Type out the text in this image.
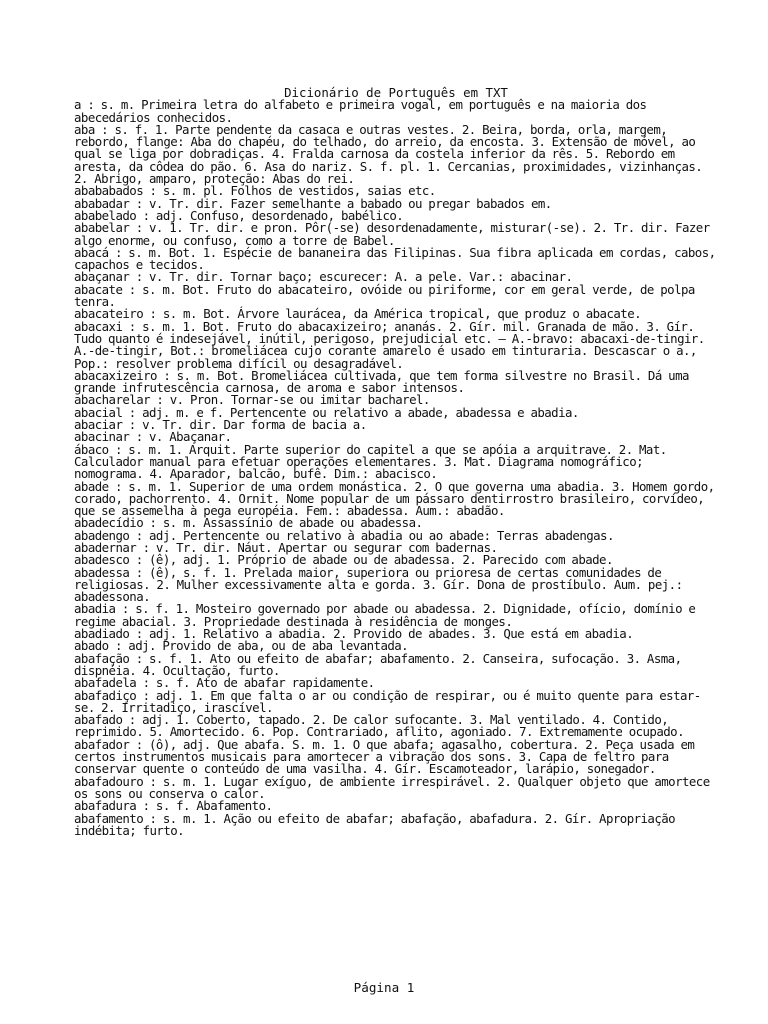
Dicionário de Português em TXT

a : s. m. Primeira letra do alfabeto e primeira vogal, em português e na maioria dos abecedários conhecidos.
aba : s. f. 1. Parte pendente da casaca e outras vestes. 2. Beira, borda, orla, margem, rebordo, flange: Aba do chapéu, do telhado, do arreio, da encosta. 3. Extensão de móvel, ao qual se liga por dobradiças. 4. Fralda carnosa da costela inferior da rês. 5. Rebordo em aresta, da côdea do pão. 6. Asa do nariz. S. f. pl. 1. Cercanias, proximidades, vizinhanças. 2. Abrigo, amparo, proteção: Abas do rei.
abababados : s. m. pl. Folhos de vestidos, saias etc.
ababadar : v. Tr. dir. Fazer semelhante a babado ou pregar babados em.
ababelado : adj. Confuso, desordenado, babélico.
ababelar : v. 1. Tr. dir. e pron. Pôr(-se) desordenadamente, misturar(-se). 2. Tr. dir. Fazer algo enorme, ou confuso, como a torre de Babel.
abacá : s. m. Bot. 1. Espécie de bananeira das Filipinas. Sua fibra aplicada em cordas, cabos, capachos e tecidos.
abaçanar : v. Tr. dir. Tornar baço; escurecer: A. a pele. Var.: abacinar.
abacate : s. m. Bot. Fruto do abacateiro, ovóide ou piriforme, cor em geral verde, de polpa tenra.
abacateiro : s. m. Bot. Árvore laurácea, da América tropical, que produz o abacate.
abacaxi : s. m. 1. Bot. Fruto do abacaxizeiro; ananás. 2. Gír. mil. Granada de mão. 3. Gír. Tudo quanto é indesejável, inútil, perigoso, prejudicial etc. — A.-bravo: abacaxi-de-tingir. A.-de-tingir, Bot.: bromeliácea cujo corante amarelo é usado em tinturaria. Descascar o a., Pop.: resolver problema difícil ou desagradável.
abacaxizeiro : s. m. Bot. Bromeliácea cultivada, que tem forma silvestre no Brasil. Dá uma grande infrutescência carnosa, de aroma e sabor intensos.
abacharelar : v. Pron. Tornar-se ou imitar bacharel.
abacial : adj. m. e f. Pertencente ou relativo a abade, abadessa e abadia.
abaciar : v. Tr. dir. Dar forma de bacia a.
abacinar : v. Abaçanar.
ábaco : s. m. 1. Arquit. Parte superior do capitel a que se apóia a arquitrave. 2. Mat. Calculador manual para efetuar operações elementares. 3. Mat. Diagrama nomográfico; nomograma. 4. Aparador, balcão, bufê. Dim.: abacisco.
abade : s. m. 1. Superior de uma ordem monástica. 2. O que governa uma abadia. 3. Homem gordo, corado, pachorrento. 4. Ornit. Nome popular de um pássaro dentirrostro brasileiro, corvídeo, que se assemelha à pega européia. Fem.: abadessa. Aum.: abadão.
abadecídio : s. m. Assassínio de abade ou abadessa.
abadengo : adj. Pertencente ou relativo à abadia ou ao abade: Terras abadengas.
abadernar : v. Tr. dir. Náut. Apertar ou segurar com badernas.
abadesco : (ê), adj. 1. Próprio de abade ou de abadessa. 2. Parecido com abade.
abadessa : (ê), s. f. 1. Prelada maior, superiora ou prioresa de certas comunidades de religiosas. 2. Mulher excessivamente alta e gorda. 3. Gír. Dona de prostíbulo. Aum. pej.: abadessona.
abadia : s. f. 1. Mosteiro governado por abade ou abadessa. 2. Dignidade, ofício, domínio e regime abacial. 3. Propriedade destinada à residência de monges.
abadiado : adj. 1. Relativo a abadia. 2. Provido de abades. 3. Que está em abadia.
abado : adj. Provido de aba, ou de aba levantada.
abafação : s. f. 1. Ato ou efeito de abafar; abafamento. 2. Canseira, sufocação. 3. Asma, dispnéia. 4. Ocultação, furto.
abafadela : s. f. Ato de abafar rapidamente.
abafadiço : adj. 1. Em que falta o ar ou condição de respirar, ou é muito quente para estar-se. 2. Irritadiço, irascível.
abafado : adj. 1. Coberto, tapado. 2. De calor sufocante. 3. Mal ventilado. 4. Contido, reprimido. 5. Amortecido. 6. Pop. Contrariado, aflito, agoniado. 7. Extremamente ocupado.
abafador : (ô), adj. Que abafa. S. m. 1. O que abafa; agasalho, cobertura. 2. Peça usada em certos instrumentos musicais para amortecer a vibração dos sons. 3. Capa de feltro para conservar quente o conteúdo de uma vasilha. 4. Gír. Escamoteador, larápio, sonegador.
abafadouro : s. m. 1. Lugar exíguo, de ambiente irrespirável. 2. Qualquer objeto que amortece os sons ou conserva o calor.
abafadura : s. f. Abafamento.
abafamento : s. m. 1. Ação ou efeito de abafar; abafação, abafadura. 2. Gír. Apropriação indébita; furto.
Página 1
